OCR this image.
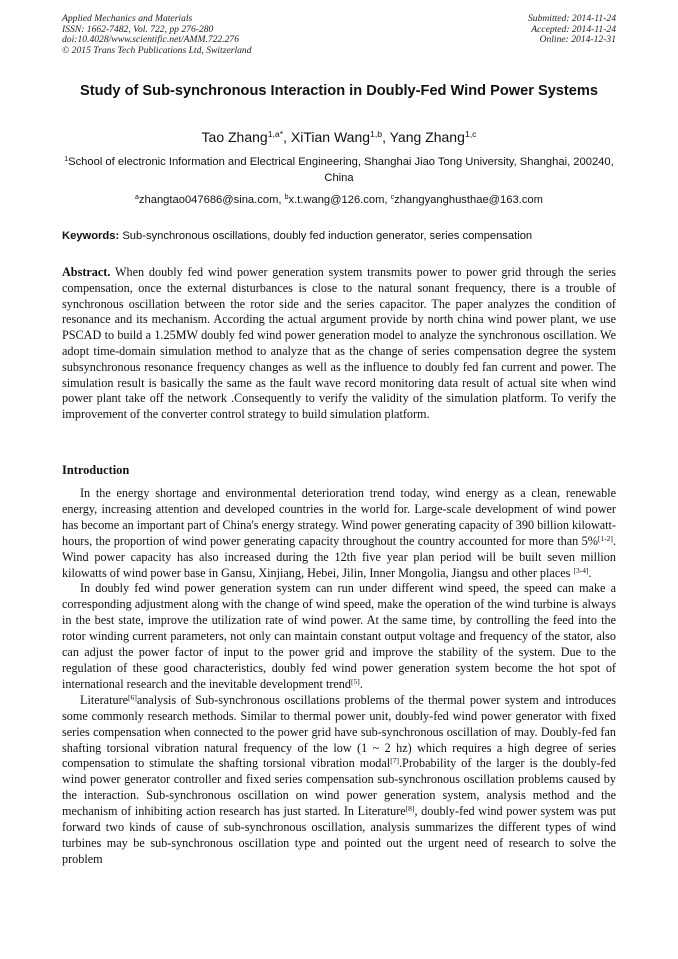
Applied Mechanics and Materials
ISSN: 1662-7482, Vol. 722, pp 276-280
doi:10.4028/www.scientific.net/AMM.722.276
© 2015 Trans Tech Publications Ltd, Switzerland
Submitted: 2014-11-24
Accepted: 2014-11-24
Online: 2014-12-31
Study of Sub-synchronous Interaction in Doubly-Fed Wind Power Systems
Tao Zhang$^{1,a*}$, XiTian Wang$^{1,b}$, Yang Zhang$^{1,c}$
$^1$School of electronic Information and Electrical Engineering, Shanghai Jiao Tong University, Shanghai, 200240, China
$^a$zhangtao047686@sina.com, $^b$x.t.wang@126.com, $^c$zhangyanghusthae@163.com
Keywords: Sub-synchronous oscillations, doubly fed induction generator, series compensation
Abstract. When doubly fed wind power generation system transmits power to power grid through the series compensation, once the external disturbances is close to the natural sonant frequency, there is a trouble of synchronous oscillation between the rotor side and the series capacitor. The paper analyzes the condition of resonance and its mechanism. According the actual argument provide by north china wind power plant, we use PSCAD to build a 1.25MW doubly fed wind power generation model to analyze the synchronous oscillation. We adopt time-domain simulation method to analyze that as the change of series compensation degree the system subsynchronous resonance frequency changes as well as the influence to doubly fed fan current and power. The simulation result is basically the same as the fault wave record monitoring data result of actual site when wind power plant take off the network .Consequently to verify the validity of the simulation platform. To verify the improvement of the converter control strategy to build simulation platform.
Introduction

In the energy shortage and environmental deterioration trend today, wind energy as a clean, renewable energy, increasing attention and developed countries in the world for. Large-scale development of wind power has become an important part of China's energy strategy. Wind power generating capacity of 390 billion kilowatt-hours, the proportion of wind power generating capacity throughout the country accounted for more than 5%[1-2]. Wind power capacity has also increased during the 12th five year plan period will be built seven million kilowatts of wind power base in Gansu, Xinjiang, Hebei, Jilin, Inner Mongolia, Jiangsu and other places [3-4].

In doubly fed wind power generation system can run under different wind speed, the speed can make a corresponding adjustment along with the change of wind speed, make the operation of the wind turbine is always in the best state, improve the utilization rate of wind power. At the same time, by controlling the feed into the rotor winding current parameters, not only can maintain constant output voltage and frequency of the stator, also can adjust the power factor of input to the power grid and improve the stability of the system. Due to the regulation of these good characteristics, doubly fed wind power generation system become the hot spot of international research and the inevitable development trend[5].

Literature[6]analysis of Sub-synchronous oscillations problems of the thermal power system and introduces some commonly research methods. Similar to thermal power unit, doubly-fed wind power generator with fixed series compensation when connected to the power grid have sub-synchronous oscillation of may. Doubly-fed fan shafting torsional vibration natural frequency of the low (1 ~ 2 hz) which requires a high degree of series compensation to stimulate the shafting torsional vibration modal[7].Probability of the larger is the doubly-fed wind power generator controller and fixed series compensation sub-synchronous oscillation problems caused by the interaction. Sub-synchronous oscillation on wind power generation system, analysis method and the mechanism of inhibiting action research has just started. In Literature[8], doubly-fed wind power system was put forward two kinds of cause of sub-synchronous oscillation, analysis summarizes the different types of wind turbines may be sub-synchronous oscillation type and pointed out the urgent need of research to solve the problem
